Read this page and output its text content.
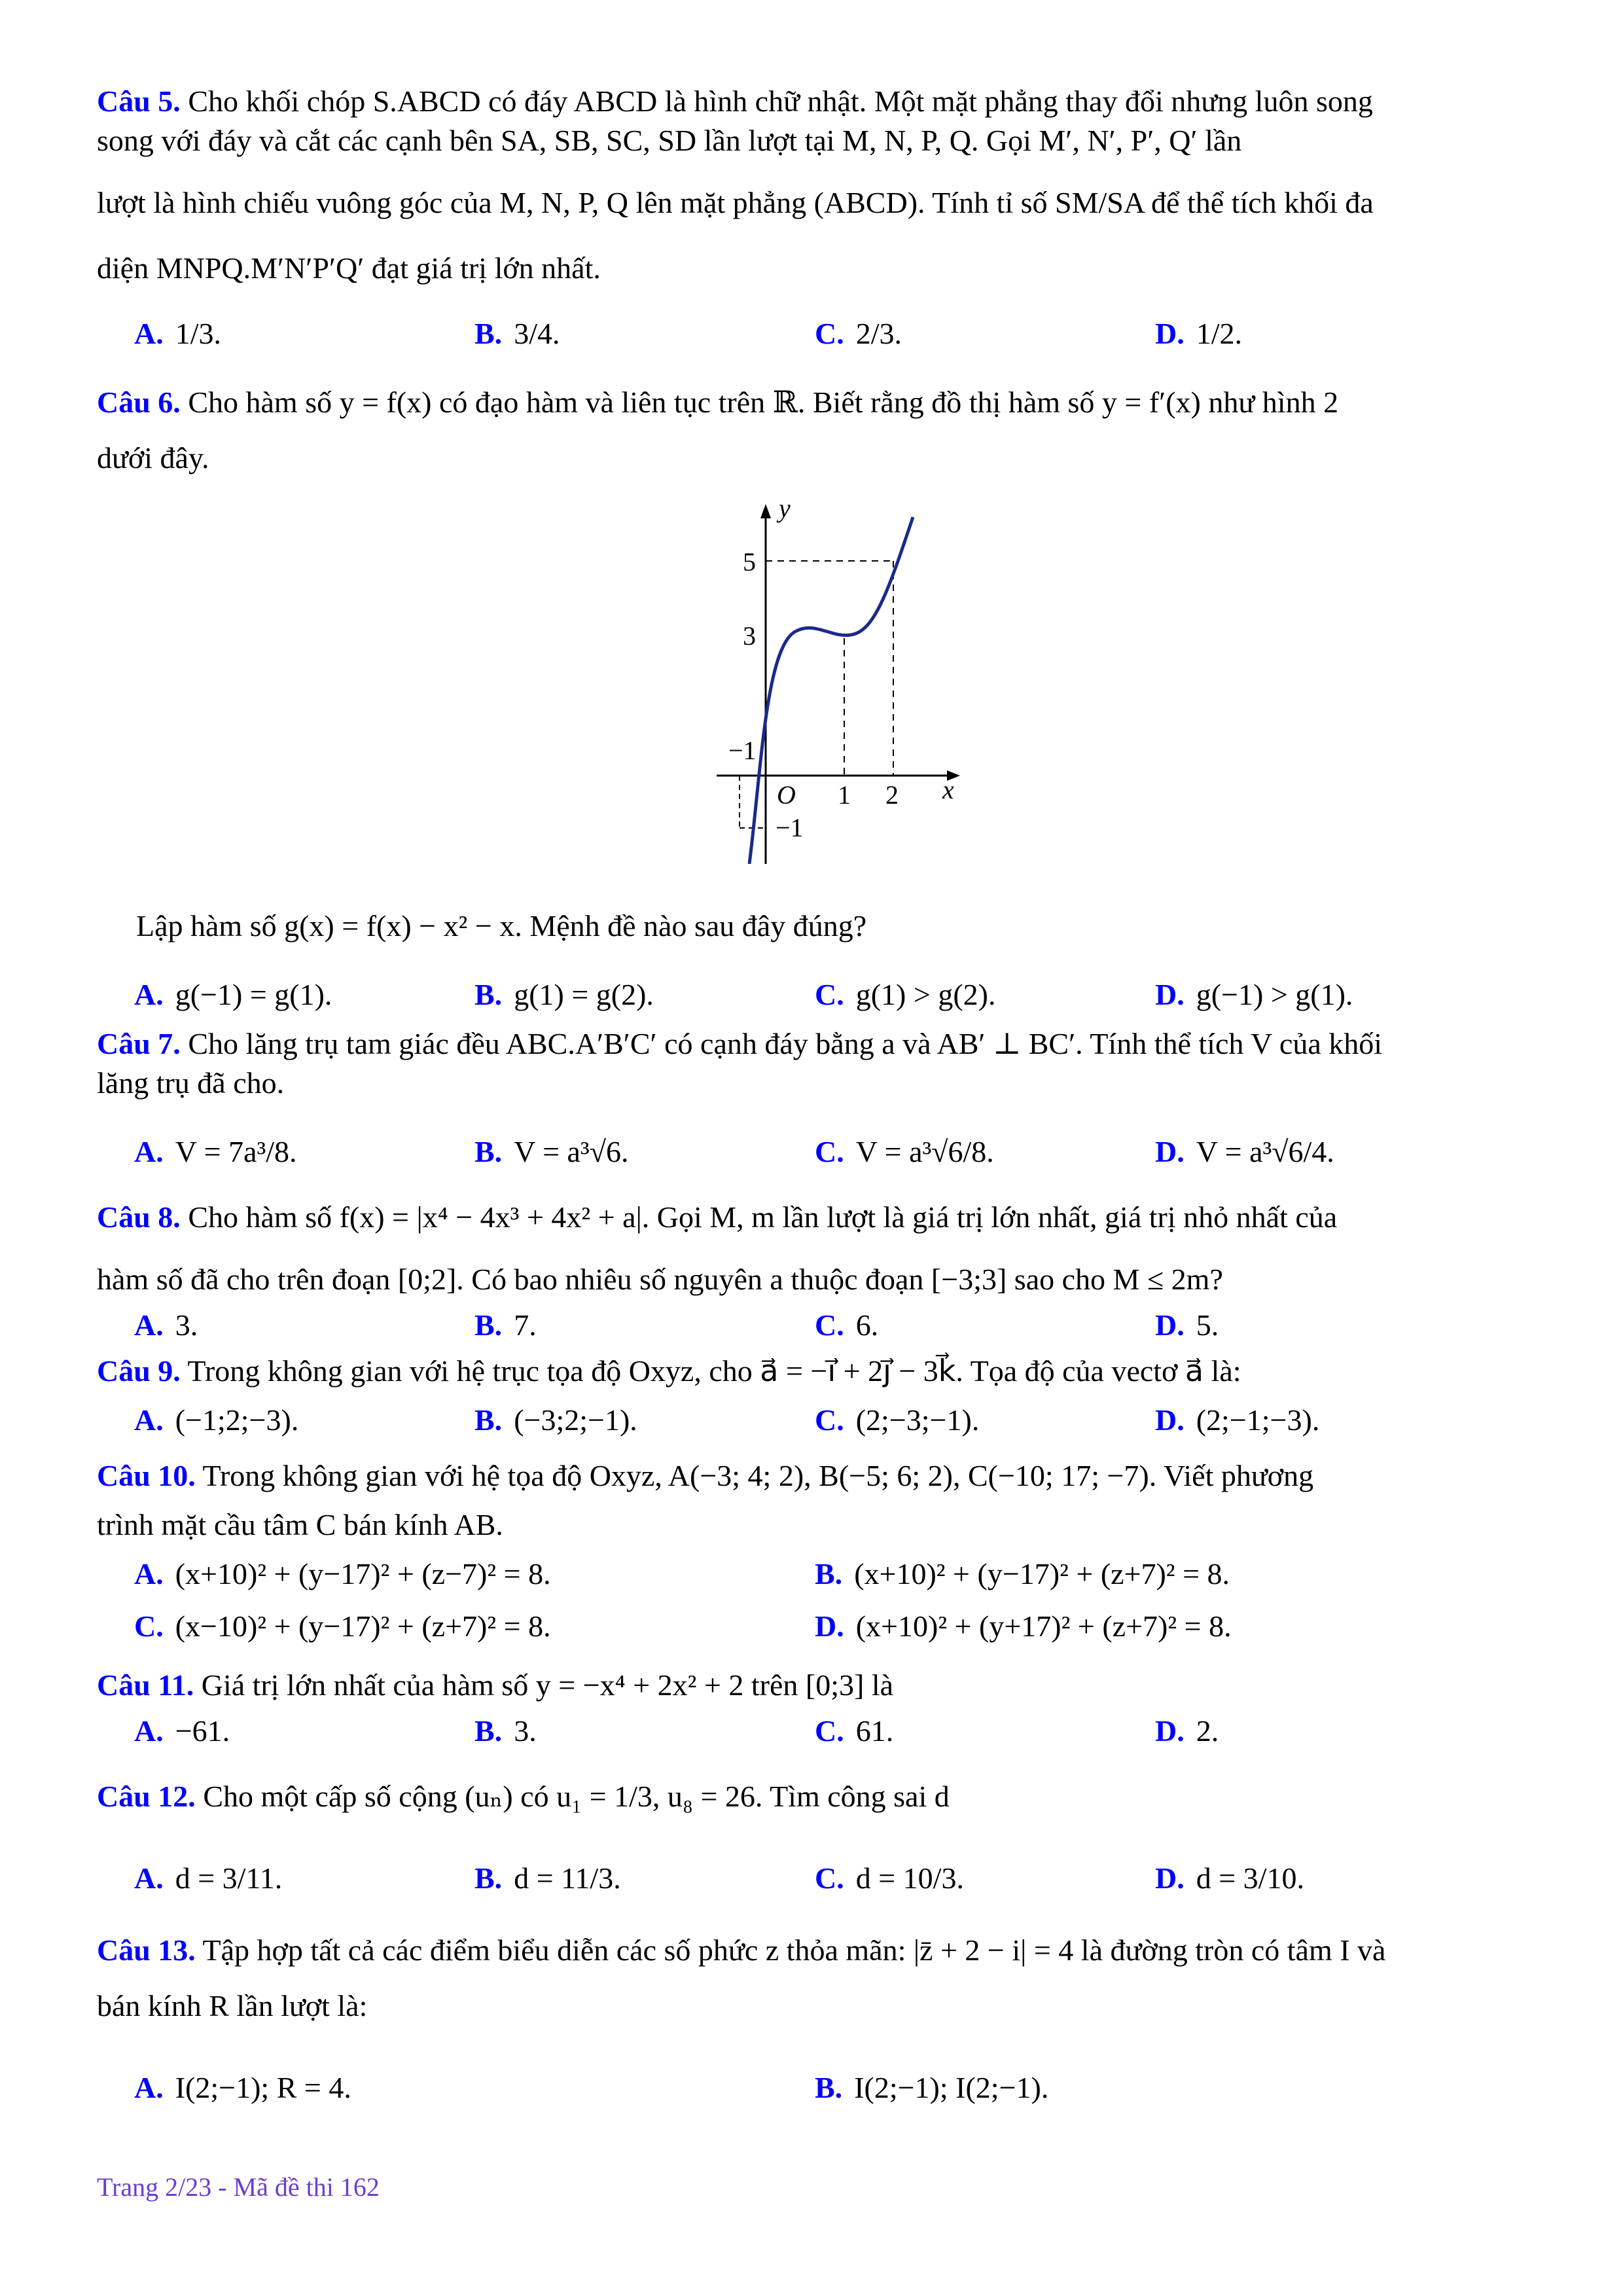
Câu 5. Cho khối chóp S.ABCD có đáy ABCD là hình chữ nhật. Một mặt phẳng thay đổi nhưng luôn song
song với đáy và cắt các cạnh bên SA, SB, SC, SD lần lượt tại M, N, P, Q. Gọi M′, N′, P′, Q′ lần
lượt là hình chiếu vuông góc của M, N, P, Q lên mặt phẳng (ABCD). Tính tỉ số SM/SA để thể tích khối đa
diện MNPQ.M′N′P′Q′ đạt giá trị lớn nhất.
A. 1/3.	B. 3/4.	C. 2/3.	D. 1/2.
Câu 6. Cho hàm số y = f(x) có đạo hàm và liên tục trên ℝ. Biết rằng đồ thị hàm số y = f′(x) như hình 2
dưới đây.
y
x
5
3
−1
O 1 2
−1
Lập hàm số g(x) = f(x) − x² − x. Mệnh đề nào sau đây đúng?
A. g(−1) = g(1).	B. g(1) = g(2).	C. g(1) > g(2).	D. g(−1) > g(1).
Câu 7. Cho lăng trụ tam giác đều ABC.A′B′C′ có cạnh đáy bằng a và AB′ ⊥ BC′. Tính thể tích V của khối
lăng trụ đã cho.
A. V = 7a³/8.	B. V = a³√6.	C. V = a³√6/8.	D. V = a³√6/4.
Câu 8. Cho hàm số f(x) = |x⁴ − 4x³ + 4x² + a|. Gọi M, m lần lượt là giá trị lớn nhất, giá trị nhỏ nhất của
hàm số đã cho trên đoạn [0;2]. Có bao nhiêu số nguyên a thuộc đoạn [−3;3] sao cho M ≤ 2m?
A. 3.	B. 7.	C. 6.	D. 5.
Câu 9. Trong không gian với hệ trục tọa độ Oxyz, cho a⃗ = −i⃗ + 2j⃗ − 3k⃗. Tọa độ của vectơ a⃗ là:
A. (−1;2;−3).	B. (−3;2;−1).	C. (2;−3;−1).	D. (2;−1;−3).
Câu 10. Trong không gian với hệ tọa độ Oxyz, A(−3; 4; 2), B(−5; 6; 2), C(−10; 17; −7). Viết phương
trình mặt cầu tâm C bán kính AB.
A. (x+10)² + (y−17)² + (z−7)² = 8.	B. (x+10)² + (y−17)² + (z+7)² = 8.
C. (x−10)² + (y−17)² + (z+7)² = 8.	D. (x+10)² + (y+17)² + (z+7)² = 8.
Câu 11. Giá trị lớn nhất của hàm số y = −x⁴ + 2x² + 2 trên [0;3] là
A. −61.	B. 3.	C. 61.	D. 2.
Câu 12. Cho một cấp số cộng (uₙ) có u₁ = 1/3, u₈ = 26. Tìm công sai d
A. d = 3/11.	B. d = 11/3.	C. d = 10/3.	D. d = 3/10.
Câu 13. Tập hợp tất cả các điểm biểu diễn các số phức z thỏa mãn: |z̄ + 2 − i| = 4 là đường tròn có tâm I và
bán kính R lần lượt là:
A. I(2;−1); R = 4.	B. I(2;−1); I(2;−1).
Trang 2/23 - Mã đề thi 162
